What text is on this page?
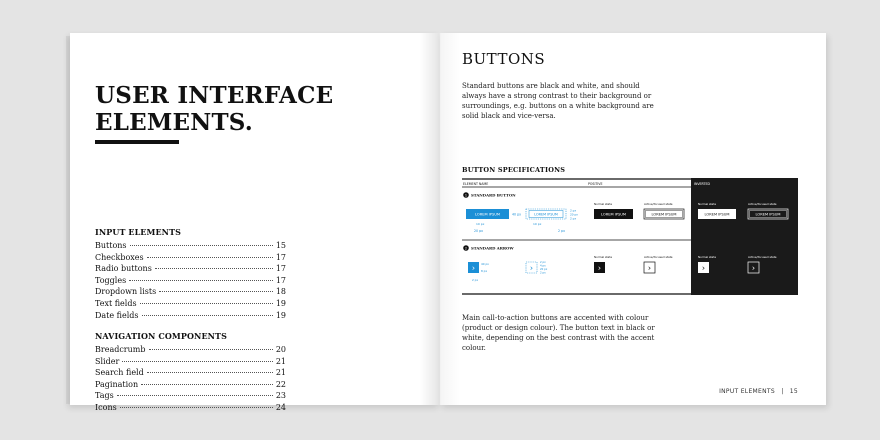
USER INTERFACE
ELEMENTS.
INPUT ELEMENTS
Buttons	15
Checkboxes	17
Radio buttons	17
Toggles	17
Dropdown lists	18
Text fields	19
Date fields	19
NAVIGATION COMPONENTS
Breadcrumb	20
Slider	21
Search field	21
Pagination	22
Tags	23
Icons	24
BUTTONS

Standard buttons are black and white, and should always have a strong contrast to their background or surroundings, e.g. buttons on a white background are solid black and vice-versa.

BUTTON SPECIFICATIONS
ELEMENT NAME	POSITIVE	INVERTED
1 STANDARD BUTTON
LOREM IPSUM	40 px
10 px
20 px
LOREM IPSUM
2 px
20 px
2 px
10 px
2 px
Normal state
LOREM IPSUM
Active/focused state
LOREM IPSUM
Normal state
LOREM IPSUM
Active/focused state
LOREM IPSUM
2 STANDARD ARROW
› 40 px
8 px
2 px
›
2 px
4 px
20 px
2 px
Normal state
›
Active/focused state
›
Normal state
›
Active/focused state
›

Main call-to-action buttons are accented with colour (product or design colour). The button text in black or white, depending on the best contrast with the accent colour.

INPUT ELEMENTS | 15
